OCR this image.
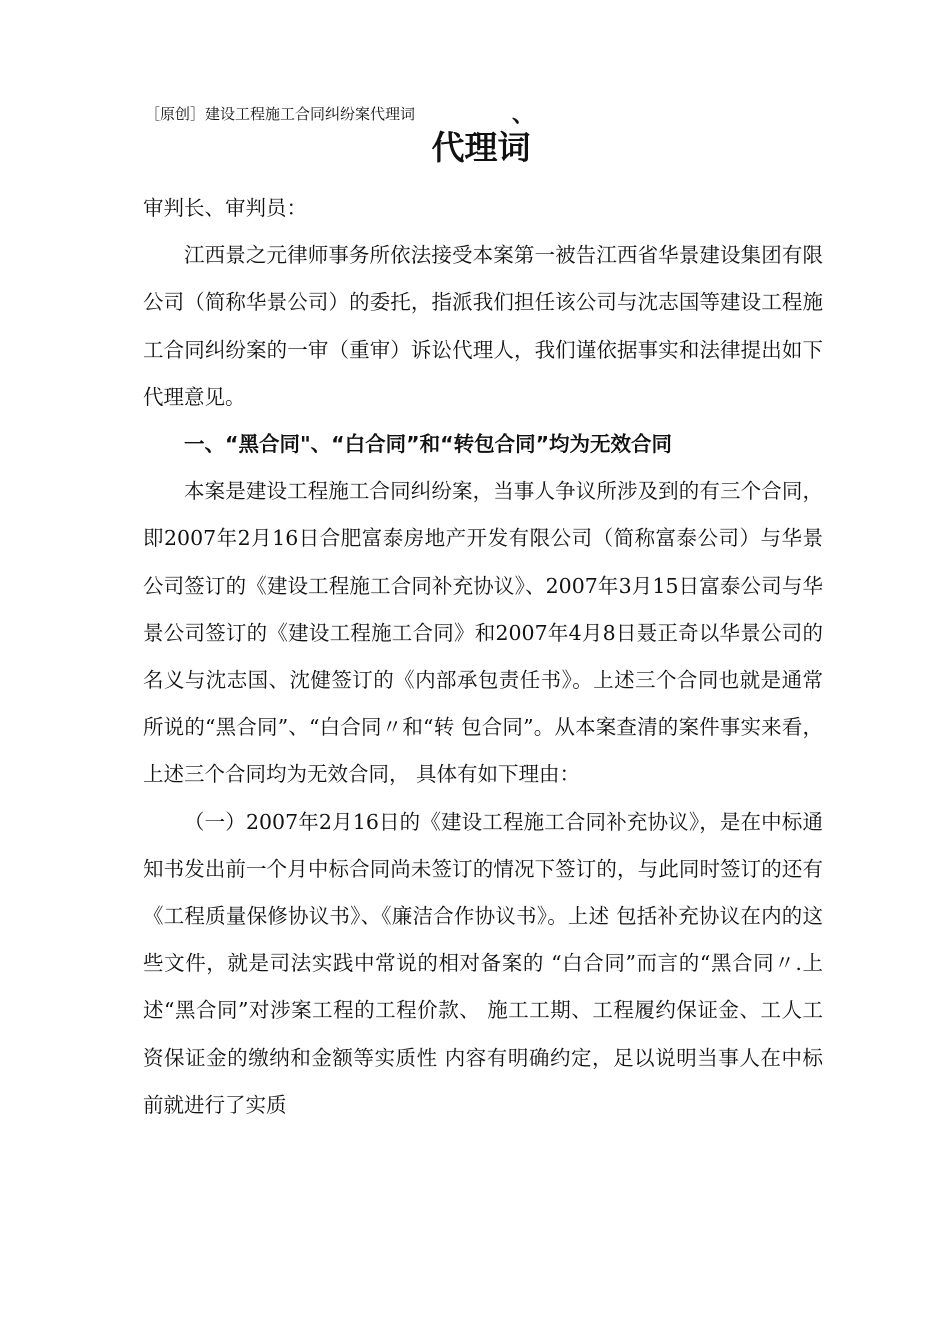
［原创］建设工程施工合同纠纷案代理词	、
代理词

审判长、审判员：

江西景之元律师事务所依法接受本案第一被告江西省华景建设集团有限公司（简称华景公司）的委托，指派我们担任该公司与沈志国等建设工程施工合同纠纷案的一审（重审）诉讼代理人，我们谨依据事实和法律提出如下代理意见。

一、“黑合同"、“白合同”和“转包合同”均为无效合同

本案是建设工程施工合同纠纷案，当事人争议所涉及到的有三个合同，即2007年2月16日合肥富泰房地产开发有限公司（简称富泰公司）与华景公司签订的《建设工程施工合同补充协议》、2007年3月15日富泰公司与华景公司签订的《建设工程施工合同》和2007年4月8日聂正奇以华景公司的名义与沈志国、沈健签订的《内部承包责任书》。上述三个合同也就是通常所说的“黑合同”、“白合同〃和“转 包合同”。从本案查清的案件事实来看，上述三个合同均为无效合同， 具体有如下理由：

（一）2007年2月16日的《建设工程施工合同补充协议》，是在中标通知书发出前一个月中标合同尚未签订的情况下签订的，与此同时签订的还有《工程质量保修协议书》、《廉洁合作协议书》。上述 包括补充协议在内的这些文件，就是司法实践中常说的相对备案的 “白合同”而言的“黑合同〃.上述“黑合同”对涉案工程的工程价款、 施工工期、工程履约保证金、工人工资保证金的缴纳和金额等实质性 内容有明确约定，足以说明当事人在中标前就进行了实质
